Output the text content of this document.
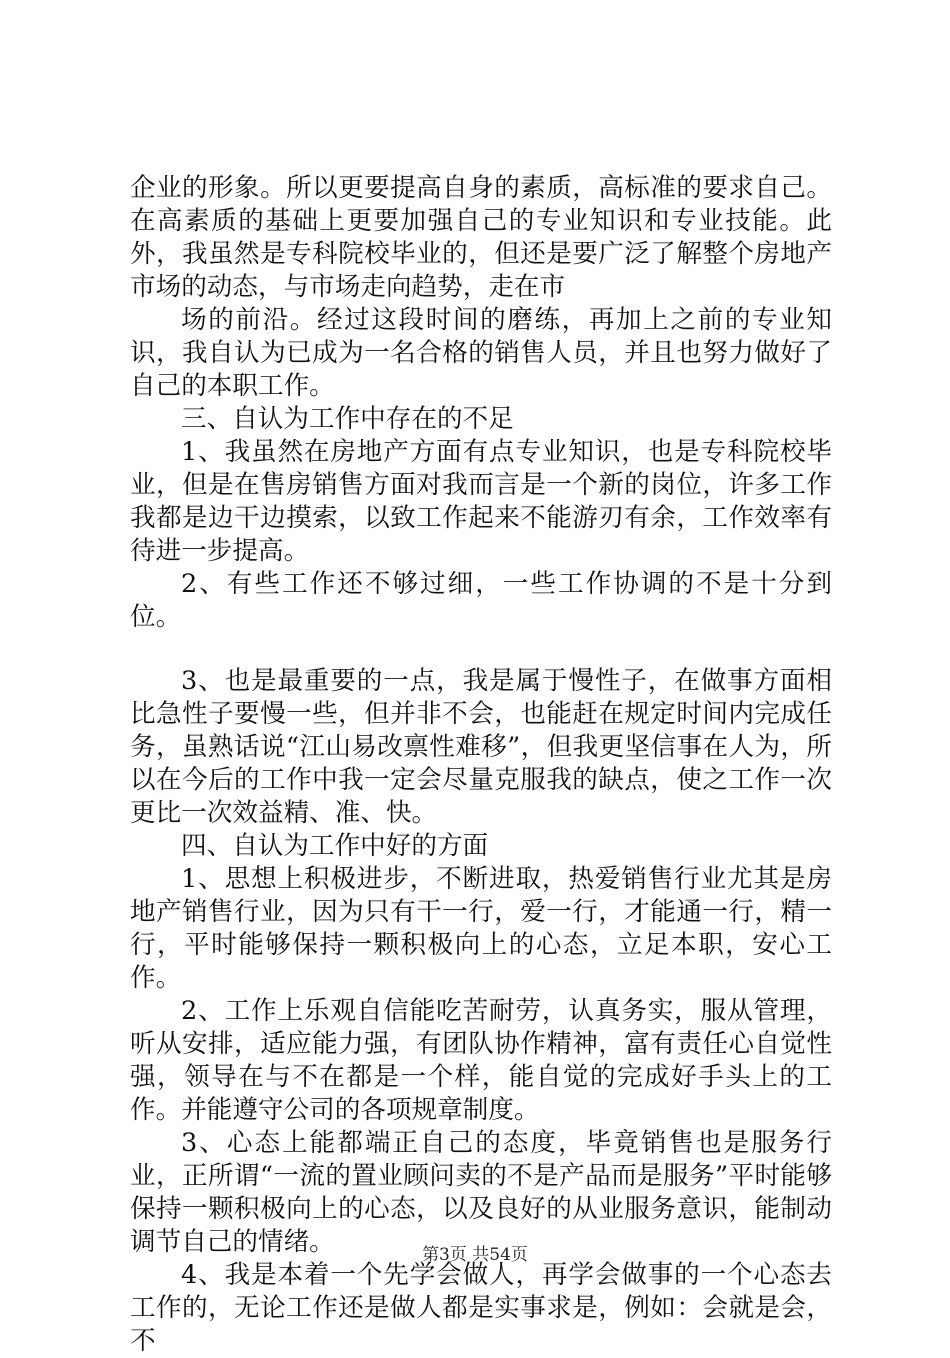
企业的形象。所以更要提高自身的素质，高标准的要求自己。在高素质的基础上更要加强自己的专业知识和专业技能。此外，我虽然是专科院校毕业的，但还是要广泛了解整个房地产市场的动态，与市场走向趋势，走在市

场的前沿。经过这段时间的磨练，再加上之前的专业知识，我自认为已成为一名合格的销售人员，并且也努力做好了自己的本职工作。

三、自认为工作中存在的不足

1、我虽然在房地产方面有点专业知识，也是专科院校毕业，但是在售房销售方面对我而言是一个新的岗位，许多工作我都是边干边摸索，以致工作起来不能游刃有余，工作效率有待进一步提高。

2、有些工作还不够过细，一些工作协调的不是十分到位。

3、也是最重要的一点，我是属于慢性子，在做事方面相比急性子要慢一些，但并非不会，也能赶在规定时间内完成任务，虽熟话说“江山易改禀性难移”，但我更坚信事在人为，所以在今后的工作中我一定会尽量克服我的缺点，使之工作一次更比一次效益精、准、快。

四、自认为工作中好的方面

1、思想上积极进步，不断进取，热爱销售行业尤其是房地产销售行业，因为只有干一行，爱一行，才能通一行，精一行，平时能够保持一颗积极向上的心态，立足本职，安心工作。

2、工作上乐观自信能吃苦耐劳，认真务实，服从管理，听从安排，适应能力强，有团队协作精神，富有责任心自觉性强，领导在与不在都是一个样，能自觉的完成好手头上的工作。并能遵守公司的各项规章制度。

3、心态上能都端正自己的态度，毕竟销售也是服务行业，正所谓“一流的置业顾问卖的不是产品而是服务”平时能够保持一颗积极向上的心态，以及良好的从业服务意识，能制动调节自己的情绪。

4、我是本着一个先学会做人，再学会做事的一个心态去工作的，无论工作还是做人都是实事求是，例如：会就是会，不

第3页 共54页
